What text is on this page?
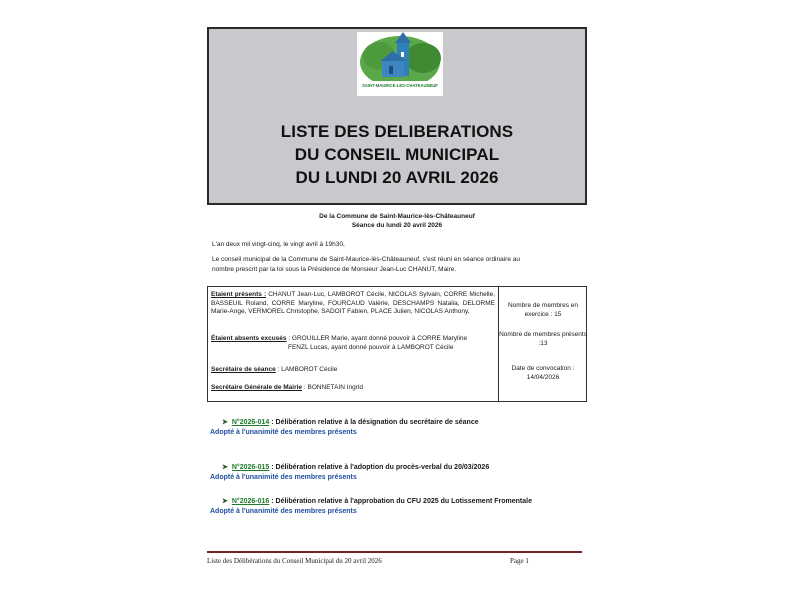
SAINT-MAURICE-LES-CHATEAUNEUF
LISTE DES DELIBERATIONS
DU CONSEIL MUNICIPAL
DU LUNDI 20 AVRIL 2026
De la Commune de Saint-Maurice-lès-Châteauneuf
Séance du lundi 20 avril 2026
L'an deux mil vingt-cinq, le vingt avril à 19h30,
Le conseil municipal de la Commune de Saint-Maurice-lès-Châteauneuf, s'est réuni en séance ordinaire au nombre prescrit par la loi sous la Présidence de Monsieur Jean-Luc CHANUT, Maire.
Etaient présents : CHANUT Jean-Luc, LAMBOROT Cécile, NICOLAS Sylvain, CORRE Michelle, BASSEUIL Roland, CORRE Maryline, FOURCAUD Valérie, DESCHAMPS Natalia, DELORME Marie-Ange, VERMOREL Christophe, SADOIT Fabien, PLACE Julien, NICOLAS Anthony,
Étaient absents excusés : GROUILLER Marie, ayant donné pouvoir à CORRE Maryline
FENZL Lucas, ayant donné pouvoir à LAMBOROT Cécile
Secrétaire de séance : LAMBOROT Cécile
Secrétaire Générale de Mairie : BONNETAIN Ingrid
Nombre de membres en exercice : 15
Nombre de membres présents :13
Date de convocation :
14/04/2026
➤ N°2026-014 : Délibération relative à la désignation du secrétaire de séance
Adopté à l'unanimité des membres présents
➤ N°2026-015 : Délibération relative à l'adoption du procès-verbal du 20/03/2026
Adopté à l'unanimité des membres présents
➤ N°2026-016 : Délibération relative à l'approbation du CFU 2025 du Lotissement Fromentale
Adopté à l'unanimité des membres présents
Liste des Délibérations du Conseil Municipal du 20 avril 2026	Page 1
